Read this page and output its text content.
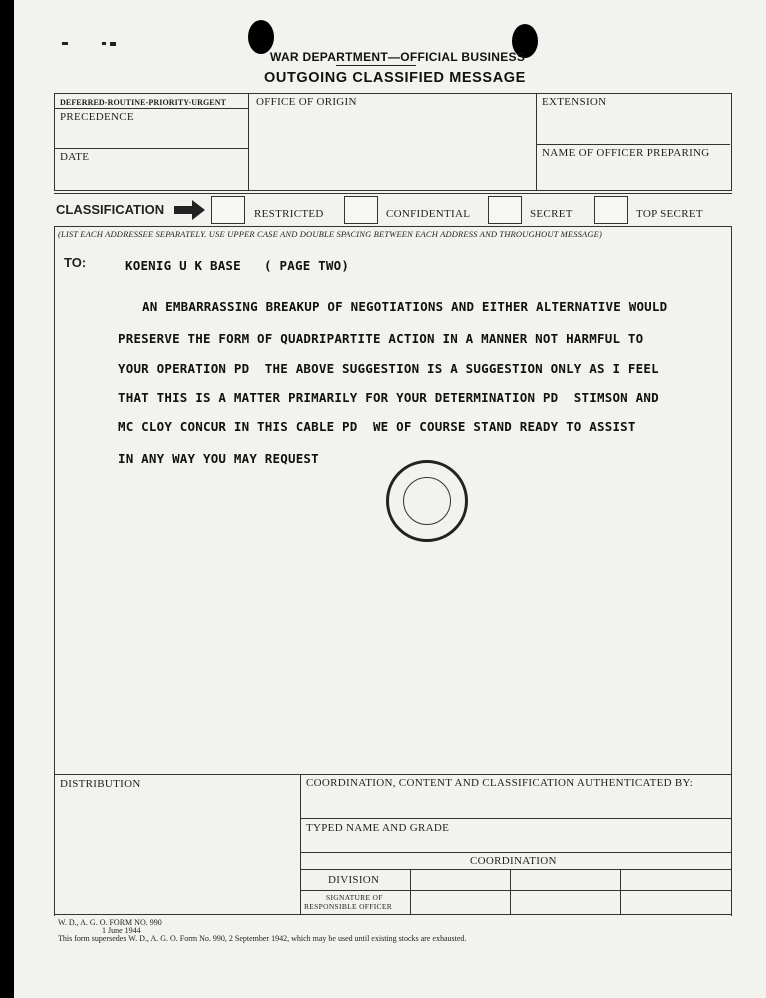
WAR DEPARTMENT—OFFICIAL BUSINESS
OUTGOING CLASSIFIED MESSAGE
DEFERRED-ROUTINE-PRIORITY-URGENT
PRECEDENCE
DATE
OFFICE OF ORIGIN	EXTENSION
NAME OF OFFICER PREPARING
CLASSIFICATION	RESTRICTED	CONFIDENTIAL	SECRET	TOP SECRET
(LIST EACH ADDRESSEE SEPARATELY. USE UPPER CASE AND DOUBLE SPACING BETWEEN EACH ADDRESS AND THROUGHOUT MESSAGE)
TO:	KOENIG U K BASE   ( PAGE TWO)
AN EMBARRASSING BREAKUP OF NEGOTIATIONS AND EITHER ALTERNATIVE WOULD
PRESERVE THE FORM OF QUADRIPARTITE ACTION IN A MANNER NOT HARMFUL TO
YOUR OPERATION PD  THE ABOVE SUGGESTION IS A SUGGESTION ONLY AS I FEEL
THAT THIS IS A MATTER PRIMARILY FOR YOUR DETERMINATION PD  STIMSON AND
MC CLOY CONCUR IN THIS CABLE PD  WE OF COURSE STAND READY TO ASSIST
IN ANY WAY YOU MAY REQUEST
DISTRIBUTION	COORDINATION, CONTENT AND CLASSIFICATION AUTHENTICATED BY:
TYPED NAME AND GRADE
COORDINATION
DIVISION
SIGNATURE OF
RESPONSIBLE OFFICER
W. D., A. G. O. FORM NO. 990
1 June 1944
This form supersedes W. D., A. G. O. Form No. 990, 2 September 1942, which may be used until existing stocks are exhausted.
